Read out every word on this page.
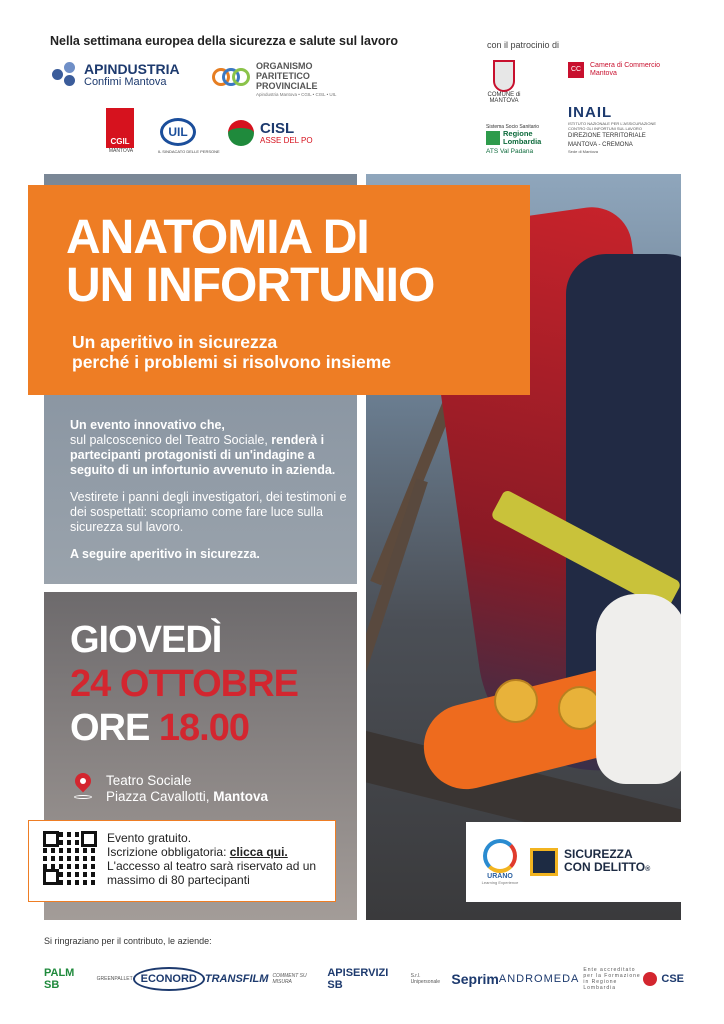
Nella settimana europea della sicurezza e salute sul lavoro	con il patrocinio di
APINDUSTRIA
Confimi Mantova
ORGANISMO
PARITETICO
PROVINCIALE
Apindustria Mantova • CGIL • CISL • UIL
CGIL
MANTOVA
UIL
IL SINDACATO DELLE PERSONE
CISL
ASSE DEL PO
COMUNE di
MANTOVA
CC
Camera di Commercio
Mantova
Sistema Socio Sanitario
Regione
Lombardia
ATS Val Padana
INAIL
ISTITUTO NAZIONALE PER L'ASSICURAZIONE CONTRO GLI INFORTUNI SUL LAVORO
DIREZIONE TERRITORIALE
MANTOVA - CREMONA
Sede di Mantova
ANATOMIA DI
UN INFORTUNIO
Un aperitivo in sicurezza
perché i problemi si risolvono insieme

Un evento innovativo che,
sul palcoscenico del Teatro Sociale, renderà i partecipanti protagonisti di un'indagine a seguito di un infortunio avvenuto in azienda.

Vestirete i panni degli investigatori, dei testimoni e dei sospettati: scopriamo come fare luce sulla sicurezza sul lavoro.

A seguire aperitivo in sicurezza.

GIOVEDÌ
24 OTTOBRE
ORE 18.00
Teatro Sociale
Piazza Cavallotti, Mantova
Evento gratuito.
Iscrizione obbligatoria: clicca qui.
L'accesso al teatro sarà riservato ad un massimo di 80 partecipanti	URANO
Learning Experience
SICUREZZA
CON DELITTO®
Si ringraziano per il contributo, le aziende:
PALM SB	GREENPALLET ECONORD TRANSFILM COMMENT SU MISURA
APISERVIZI SB
S.r.l. Unipersonale Seprim ANDROMEDA
Ente accreditato per la Formazione in Regione Lombardia
CSE
